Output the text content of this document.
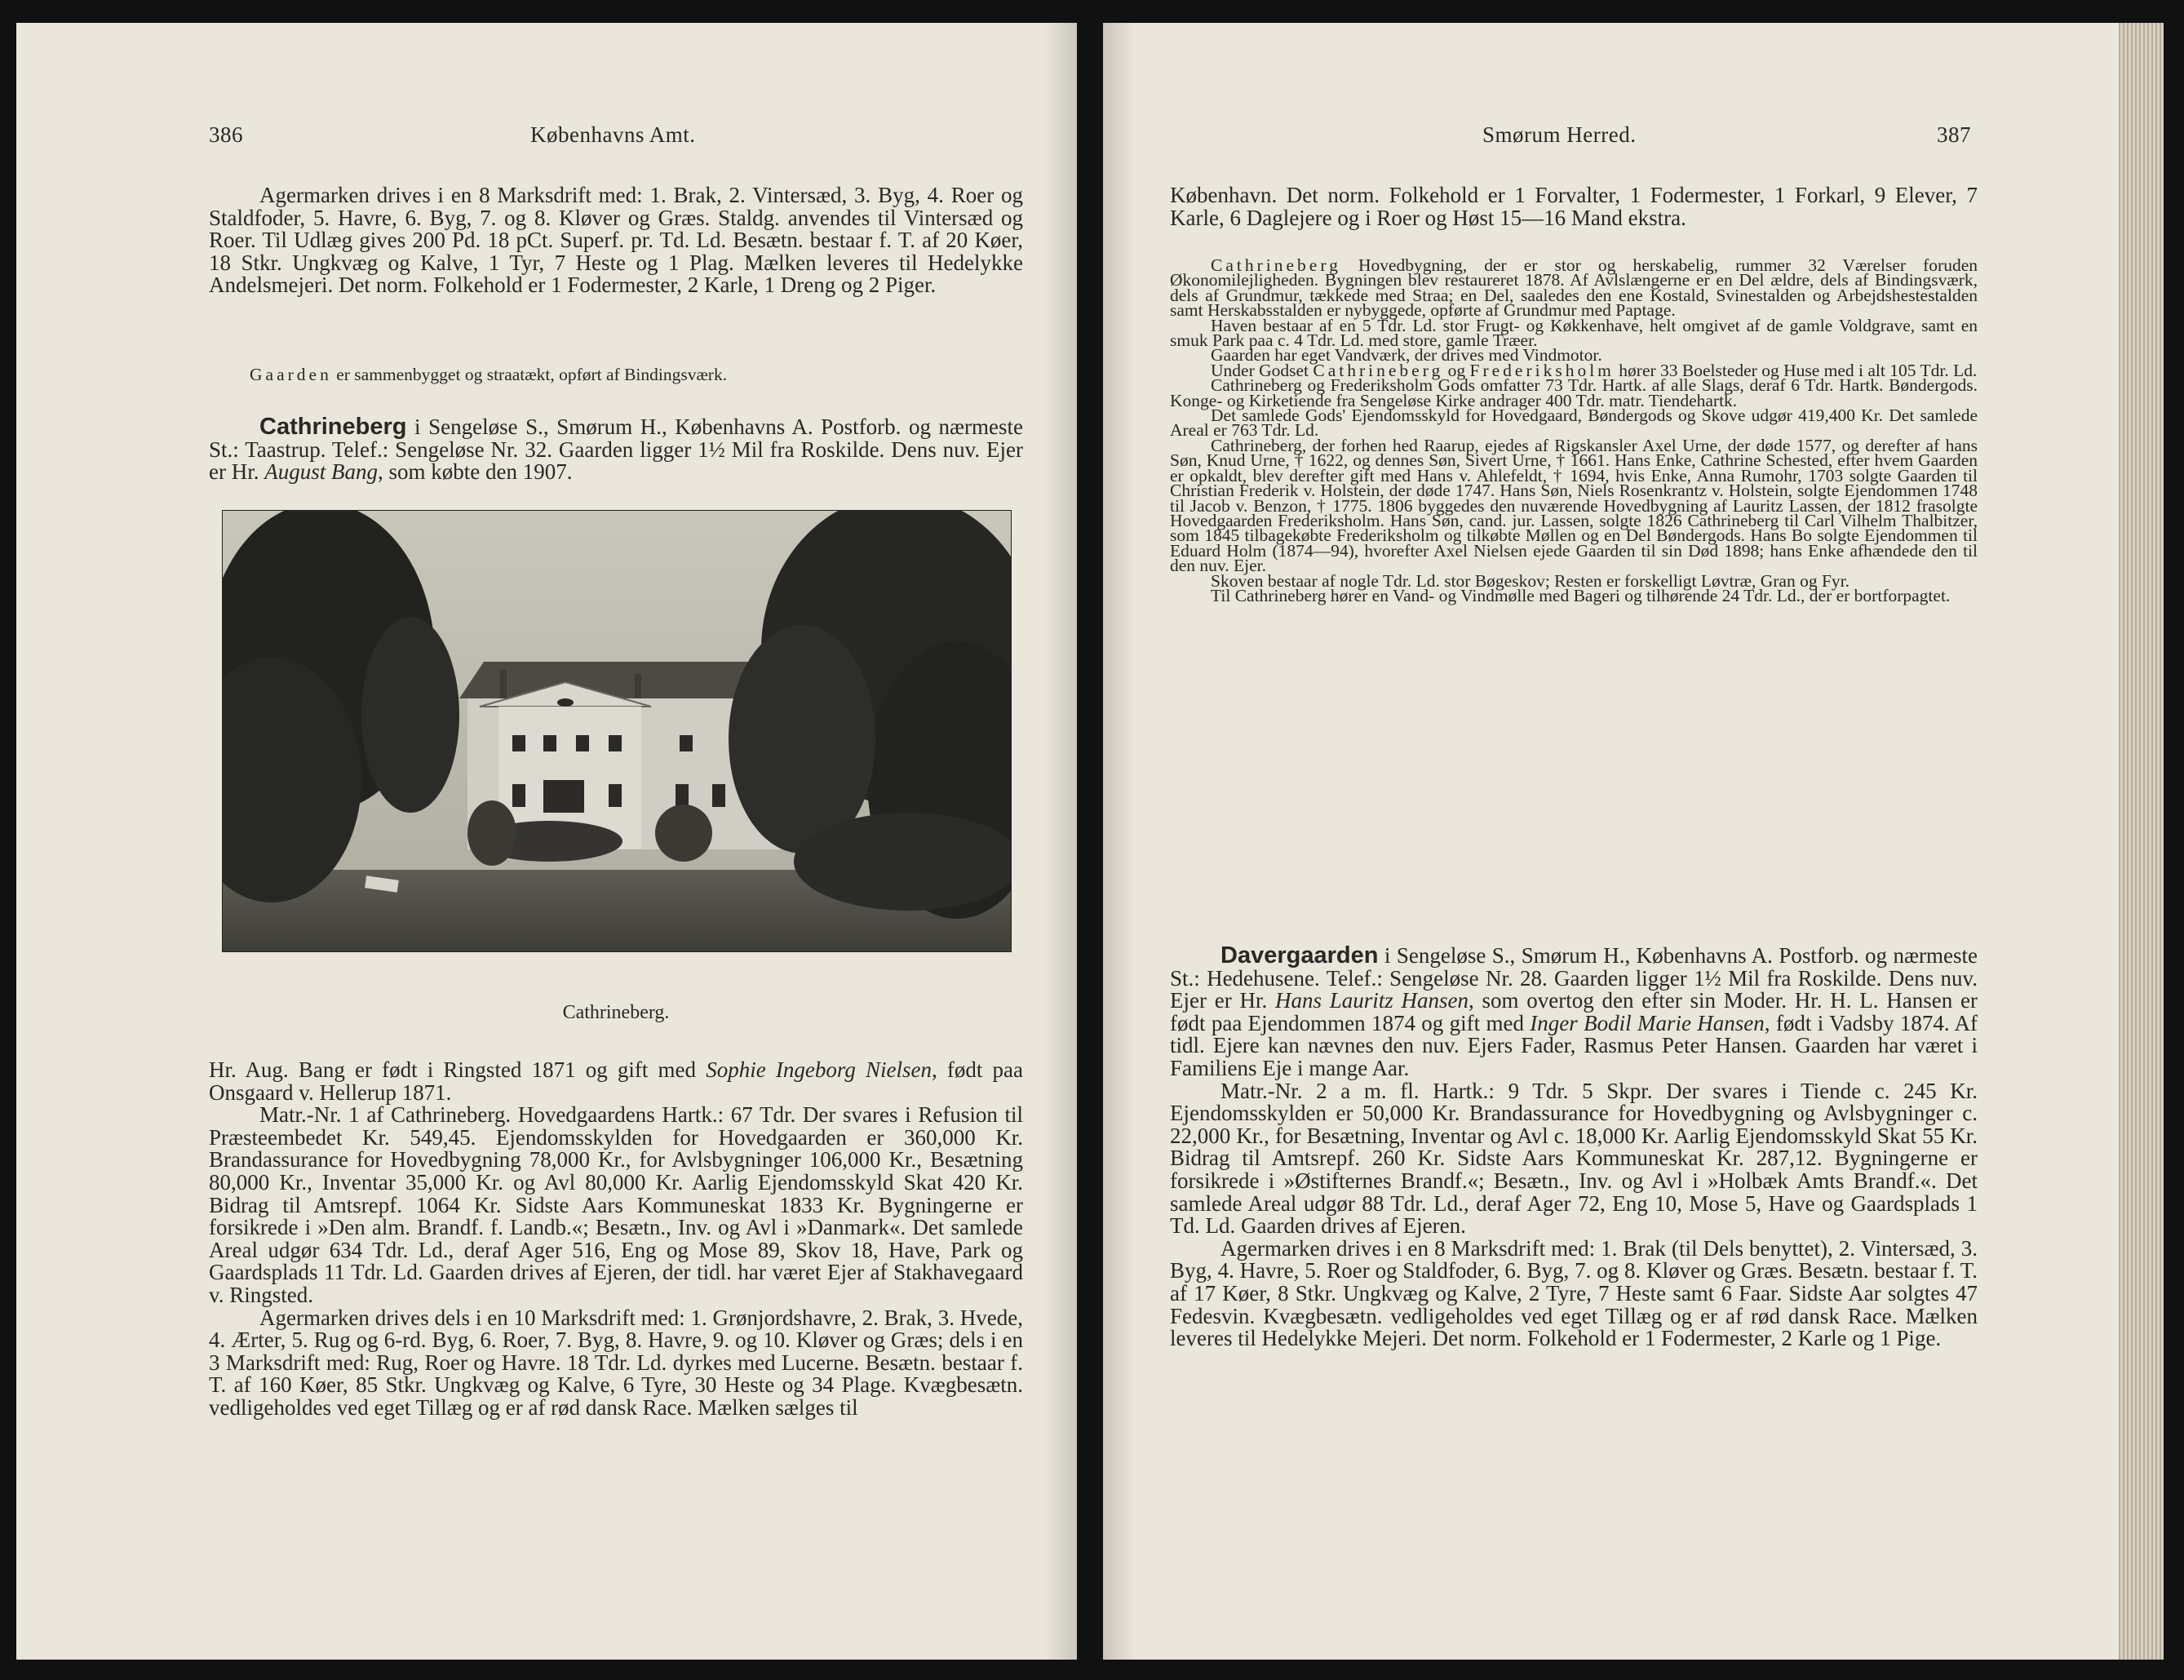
386	Københavns Amt.

Agermarken drives i en 8 Marksdrift med: 1. Brak, 2. Vintersæd, 3. Byg, 4. Roer og Staldfoder, 5. Havre, 6. Byg, 7. og 8. Kløver og Græs. Staldg. anvendes til Vintersæd og Roer. Til Udlæg gives 200 Pd. 18 pCt. Superf. pr. Td. Ld. Besætn. bestaar f. T. af 20 Køer, 18 Stkr. Ungkvæg og Kalve, 1 Tyr, 7 Heste og 1 Plag. Mælken leveres til Hedelykke Andelsmejeri. Det norm. Folkehold er 1 Fodermester, 2 Karle, 1 Dreng og 2 Piger.

Gaarden er sammenbygget og straatækt, opført af Bindingsværk.

Cathrineberg i Sengeløse S., Smørum H., Københavns A. Postforb. og nærmeste St.: Taastrup. Telef.: Sengeløse Nr. 32. Gaarden ligger 1½ Mil fra Roskilde. Dens nuv. Ejer er Hr. August Bang, som købte den 1907.

Cathrineberg.

Hr. Aug. Bang er født i Ringsted 1871 og gift med Sophie Ingeborg Nielsen, født paa Onsgaard v. Hellerup 1871.

Matr.-Nr. 1 af Cathrineberg. Hovedgaardens Hartk.: 67 Tdr. Der svares i Refusion til Præsteembedet Kr. 549,45. Ejendomsskylden for Hovedgaarden er 360,000 Kr. Brandassurance for Hovedbygning 78,000 Kr., for Avlsbygninger 106,000 Kr., Besætning 80,000 Kr., Inventar 35,000 Kr. og Avl 80,000 Kr. Aarlig Ejendomsskyld Skat 420 Kr. Bidrag til Amtsrepf. 1064 Kr. Sidste Aars Kommuneskat 1833 Kr. Bygningerne er forsikrede i »Den alm. Brandf. f. Landb.«; Besætn., Inv. og Avl i »Danmark«. Det samlede Areal udgør 634 Tdr. Ld., deraf Ager 516, Eng og Mose 89, Skov 18, Have, Park og Gaardsplads 11 Tdr. Ld. Gaarden drives af Ejeren, der tidl. har været Ejer af Stakhavegaard v. Ringsted.

Agermarken drives dels i en 10 Marksdrift med: 1. Grønjordshavre, 2. Brak, 3. Hvede, 4. Ærter, 5. Rug og 6-rd. Byg, 6. Roer, 7. Byg, 8. Havre, 9. og 10. Kløver og Græs; dels i en 3 Marksdrift med: Rug, Roer og Havre. 18 Tdr. Ld. dyrkes med Lucerne. Besætn. bestaar f. T. af 160 Køer, 85 Stkr. Ungkvæg og Kalve, 6 Tyre, 30 Heste og 34 Plage. Kvægbesætn. vedligeholdes ved eget Tillæg og er af rød dansk Race. Mælken sælges til

Smørum Herred.	387

København. Det norm. Folkehold er 1 Forvalter, 1 Fodermester, 1 Forkarl, 9 Elever, 7 Karle, 6 Daglejere og i Roer og Høst 15—16 Mand ekstra.

Cathrineberg Hovedbygning, der er stor og herskabelig, rummer 32 Værelser foruden Økonomilejligheden. Bygningen blev restaureret 1878. Af Avlslængerne er en Del ældre, dels af Bindingsværk, dels af Grundmur, tækkede med Straa; en Del, saaledes den ene Kostald, Svinestalden og Arbejdshestestalden samt Herskabsstalden er nybyggede, opførte af Grundmur med Paptage.

Haven bestaar af en 5 Tdr. Ld. stor Frugt- og Køkkenhave, helt omgivet af de gamle Voldgrave, samt en smuk Park paa c. 4 Tdr. Ld. med store, gamle Træer.

Gaarden har eget Vandværk, der drives med Vindmotor.

Under Godset Cathrineberg og Frederiksholm hører 33 Boelsteder og Huse med i alt 105 Tdr. Ld.

Cathrineberg og Frederiksholm Gods omfatter 73 Tdr. Hartk. af alle Slags, deraf 6 Tdr. Hartk. Bøndergods. Konge- og Kirketiende fra Sengeløse Kirke andrager 400 Tdr. matr. Tiendehartk.

Det samlede Gods' Ejendomsskyld for Hovedgaard, Bøndergods og Skove udgør 419,400 Kr. Det samlede Areal er 763 Tdr. Ld.

Cathrineberg, der forhen hed Raarup, ejedes af Rigskansler Axel Urne, der døde 1577, og derefter af hans Søn, Knud Urne, † 1622, og dennes Søn, Sivert Urne, † 1661. Hans Enke, Cathrine Schested, efter hvem Gaarden er opkaldt, blev derefter gift med Hans v. Ahlefeldt, † 1694, hvis Enke, Anna Rumohr, 1703 solgte Gaarden til Christian Frederik v. Holstein, der døde 1747. Hans Søn, Niels Rosenkrantz v. Holstein, solgte Ejendommen 1748 til Jacob v. Benzon, † 1775. 1806 byggedes den nuværende Hovedbygning af Lauritz Lassen, der 1812 frasolgte Hovedgaarden Frederiksholm. Hans Søn, cand. jur. Lassen, solgte 1826 Cathrineberg til Carl Vilhelm Thalbitzer, som 1845 tilbagekøbte Frederiksholm og tilkøbte Møllen og en Del Bøndergods. Hans Bo solgte Ejendommen til Eduard Holm (1874—94), hvorefter Axel Nielsen ejede Gaarden til sin Død 1898; hans Enke afhændede den til den nuv. Ejer.

Skoven bestaar af nogle Tdr. Ld. stor Bøgeskov; Resten er forskelligt Løvtræ, Gran og Fyr.

Til Cathrineberg hører en Vand- og Vindmølle med Bageri og tilhørende 24 Tdr. Ld., der er bortforpagtet.

Davergaarden i Sengeløse S., Smørum H., Københavns A. Postforb. og nærmeste St.: Hedehusene. Telef.: Sengeløse Nr. 28. Gaarden ligger 1½ Mil fra Roskilde. Dens nuv. Ejer er Hr. Hans Lauritz Hansen, som overtog den efter sin Moder. Hr. H. L. Hansen er født paa Ejendommen 1874 og gift med Inger Bodil Marie Hansen, født i Vadsby 1874. Af tidl. Ejere kan nævnes den nuv. Ejers Fader, Rasmus Peter Hansen. Gaarden har været i Familiens Eje i mange Aar.

Matr.-Nr. 2 a m. fl. Hartk.: 9 Tdr. 5 Skpr. Der svares i Tiende c. 245 Kr. Ejendomsskylden er 50,000 Kr. Brandassurance for Hovedbygning og Avlsbygninger c. 22,000 Kr., for Besætning, Inventar og Avl c. 18,000 Kr. Aarlig Ejendomsskyld Skat 55 Kr. Bidrag til Amtsrepf. 260 Kr. Sidste Aars Kommuneskat Kr. 287,12. Bygningerne er forsikrede i »Østifternes Brandf.«; Besætn., Inv. og Avl i »Holbæk Amts Brandf.«. Det samlede Areal udgør 88 Tdr. Ld., deraf Ager 72, Eng 10, Mose 5, Have og Gaardsplads 1 Td. Ld. Gaarden drives af Ejeren.

Agermarken drives i en 8 Marksdrift med: 1. Brak (til Dels benyttet), 2. Vintersæd, 3. Byg, 4. Havre, 5. Roer og Staldfoder, 6. Byg, 7. og 8. Kløver og Græs. Besætn. bestaar f. T. af 17 Køer, 8 Stkr. Ungkvæg og Kalve, 2 Tyre, 7 Heste samt 6 Faar. Sidste Aar solgtes 47 Fedesvin. Kvægbesætn. vedligeholdes ved eget Tillæg og er af rød dansk Race. Mælken leveres til Hedelykke Mejeri. Det norm. Folkehold er 1 Fodermester, 2 Karle og 1 Pige.
